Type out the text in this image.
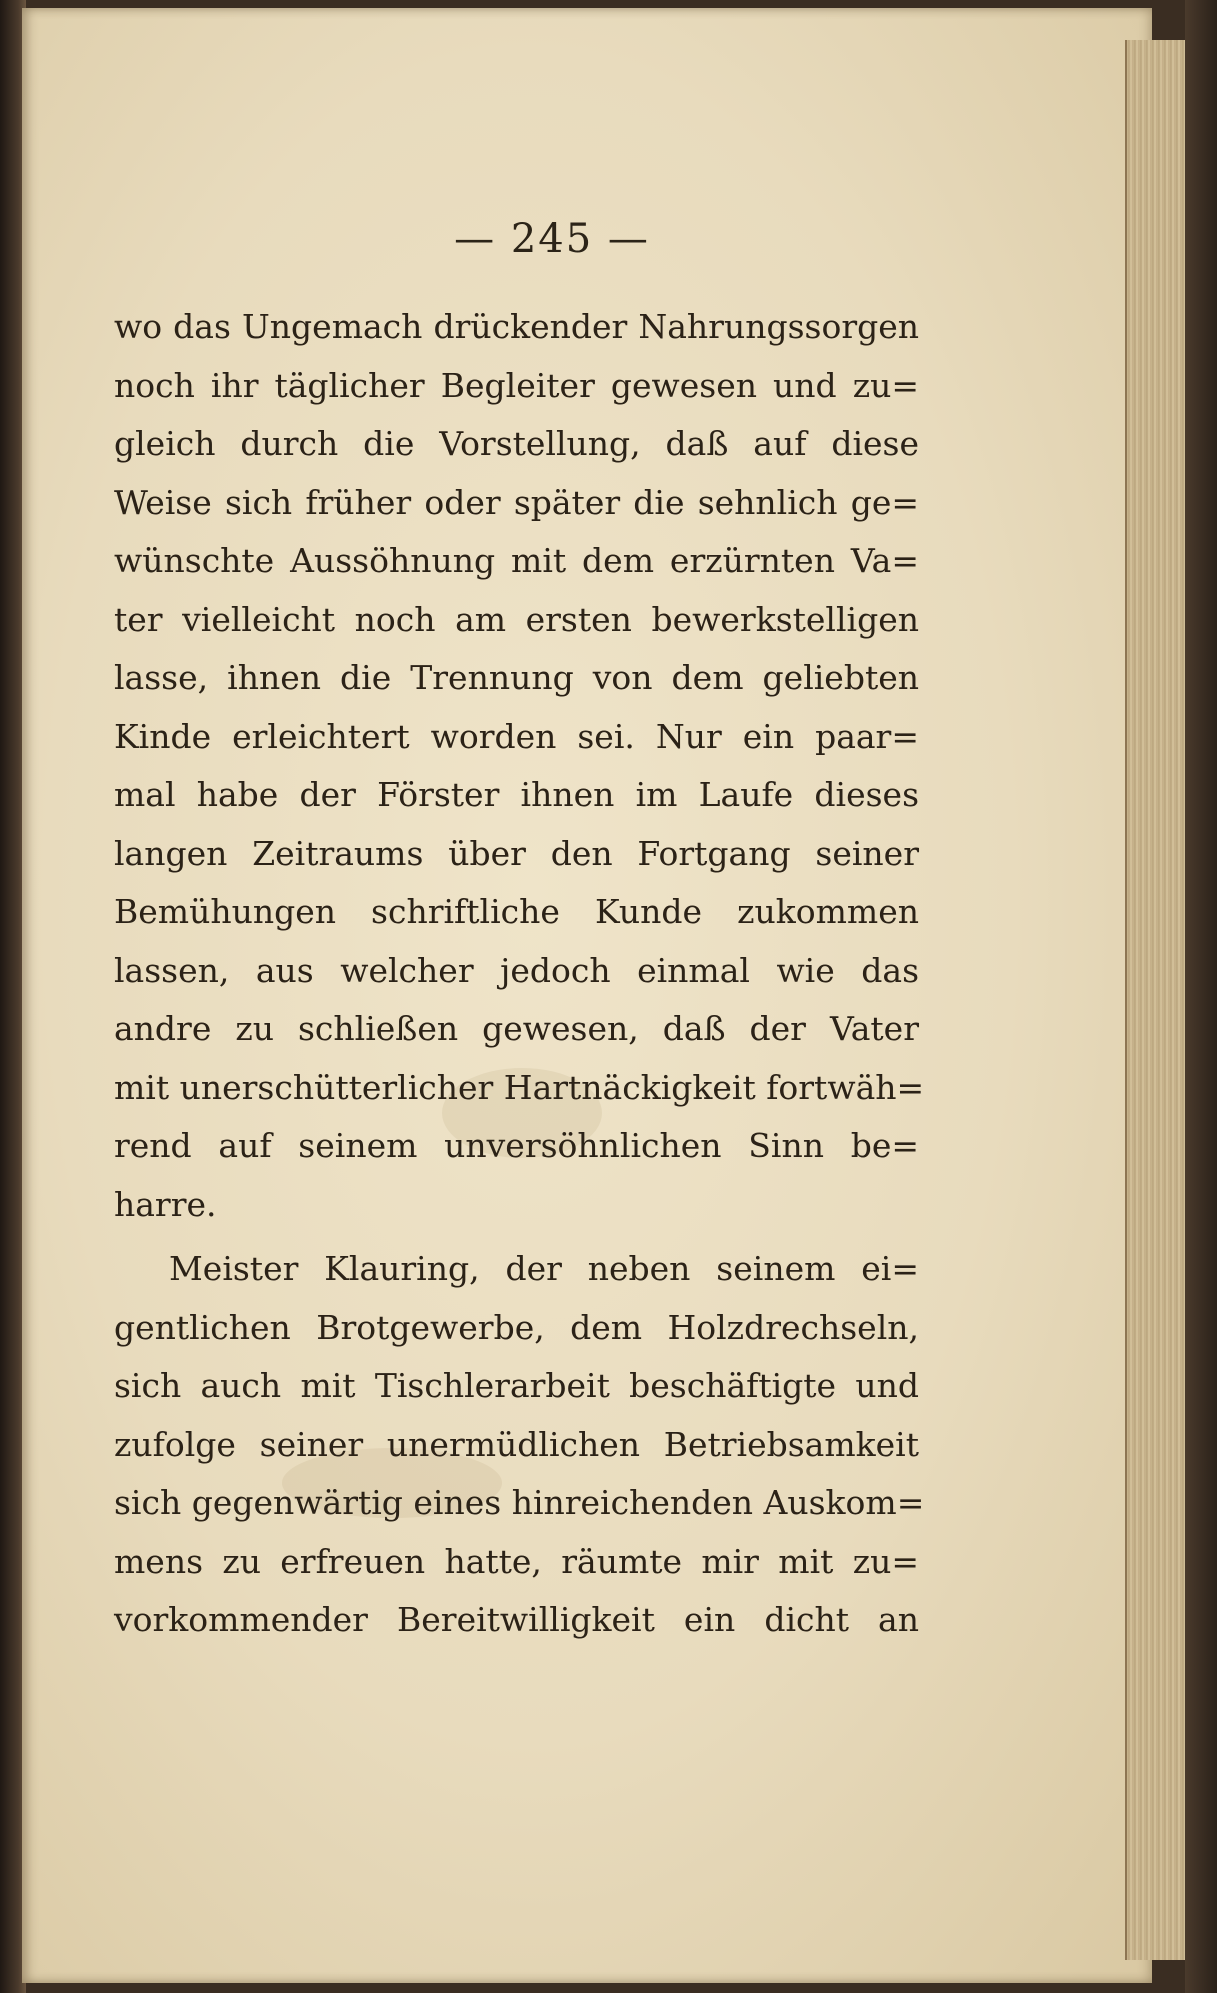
— 245 —
wo das Ungemach drückender Nahrungssorgen
noch ihr täglicher Begleiter gewesen und zu=
gleich durch die Vorstellung, daß auf diese
Weise sich früher oder später die sehnlich ge=
wünschte Aussöhnung mit dem erzürnten Va=
ter vielleicht noch am ersten bewerkstelligen
lasse, ihnen die Trennung von dem geliebten
Kinde erleichtert worden sei. Nur ein paar=
mal habe der Förster ihnen im Laufe dieses
langen Zeitraums über den Fortgang seiner
Bemühungen schriftliche Kunde zukommen
lassen, aus welcher jedoch einmal wie das
andre zu schließen gewesen, daß der Vater
mit unerschütterlicher Hartnäckigkeit fortwäh=
rend auf seinem unversöhnlichen Sinn be=
harre.
Meister Klauring, der neben seinem ei=
gentlichen Brotgewerbe, dem Holzdrechseln,
sich auch mit Tischlerarbeit beschäftigte und
zufolge seiner unermüdlichen Betriebsamkeit
sich gegenwärtig eines hinreichenden Auskom=
mens zu erfreuen hatte, räumte mir mit zu=
vorkommender Bereitwilligkeit ein dicht an
